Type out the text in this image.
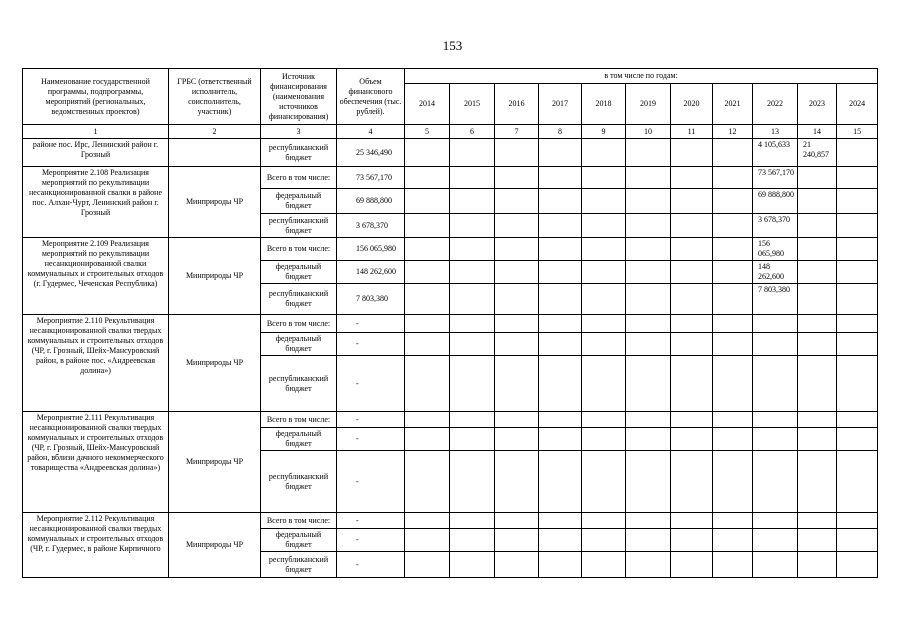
153
Наименование государственной программы, подпрограммы, мероприятий (региональных, ведомственных проектов)	ГРБС (ответственный исполнитель, соисполнитель, участник)	Источник финансирования (наименования источников финансирования)	Объем финансового обеспечения (тыс. рублей).	в том числе по годам:										
				2014	2015	2016	2017	2018	2019	2020	2021	2022	2023	2024
1	2	3	4	5	6	7	8	9	10	11	12	13	14	15
районе пос. Ирс, Ленинский район г. Грозный		республиканский бюджет	25 346,490									4 105,633	21 240,857	
Мероприятие 2.108 Реализация мероприятий по рекультивации несанкционированной свалки в районе пос. Алхан-Чурт, Ленинский район г. Грозный	Минприроды ЧР	Всего в том числе:	73 567,170									73 567,170		
		федеральный бюджет	69 888,800									69 888,800		
		республиканский бюджет	3 678,370									3 678,370		
Мероприятие 2.109 Реализация мероприятий по рекультивации несанкционированной свалки коммунальных и строительных отходов (г. Гудермес, Чеченская Республика)	Минприроды ЧР	Всего в том числе:	156 065,980									156 065,980		
		федеральный бюджет	148 262,600									148 262,600		
		республиканский бюджет	7 803,380									7 803,380		
Мероприятие 2.110 Рекультивация несанкционированной свалки твердых коммунальных и строительных отходов (ЧР, г. Грозный, Шейх-Мансуровский район, в районе пос. «Андреевская долина»)	Минприроды ЧР	Всего в том числе:	-											
		федеральный бюджет	-											
		республиканский бюджет	-											
Мероприятие 2.111 Рекультивация несанкционированной свалки твердых коммунальных и строительных отходов (ЧР, г. Грозный, Шейх-Мансуровский район, вблизи дачного некоммерческого товарищества «Андреевская долина»)	Минприроды ЧР	Всего в том числе:	-											
		федеральный бюджет	-											
		республиканский бюджет	-											
Мероприятие 2.112 Рекультивация несанкционированной свалки твердых коммунальных и строительных отходов (ЧР, г. Гудермес, в районе Кирпичного	Минприроды ЧР	Всего в том числе:	-											
		федеральный бюджет	-											
		республиканский бюджет	-											
